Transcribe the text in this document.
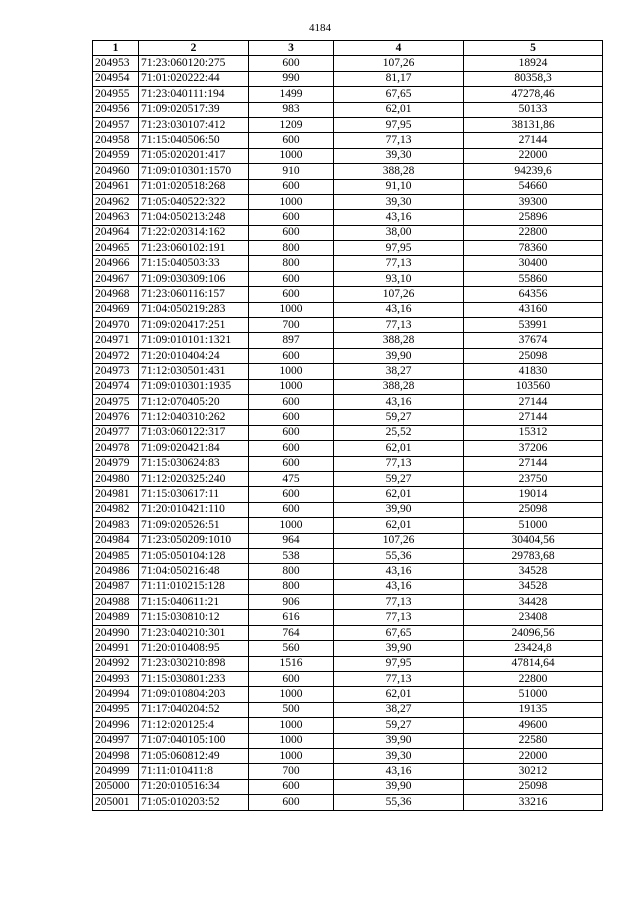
4184
1	2	3	4	5
204953	71:23:060120:275	600	107,26	18924
204954	71:01:020222:44	990	81,17	80358,3
204955	71:23:040111:194	1499	67,65	47278,46
204956	71:09:020517:39	983	62,01	50133
204957	71:23:030107:412	1209	97,95	38131,86
204958	71:15:040506:50	600	77,13	27144
204959	71:05:020201:417	1000	39,30	22000
204960	71:09:010301:1570	910	388,28	94239,6
204961	71:01:020518:268	600	91,10	54660
204962	71:05:040522:322	1000	39,30	39300
204963	71:04:050213:248	600	43,16	25896
204964	71:22:020314:162	600	38,00	22800
204965	71:23:060102:191	800	97,95	78360
204966	71:15:040503:33	800	77,13	30400
204967	71:09:030309:106	600	93,10	55860
204968	71:23:060116:157	600	107,26	64356
204969	71:04:050219:283	1000	43,16	43160
204970	71:09:020417:251	700	77,13	53991
204971	71:09:010101:1321	897	388,28	37674
204972	71:20:010404:24	600	39,90	25098
204973	71:12:030501:431	1000	38,27	41830
204974	71:09:010301:1935	1000	388,28	103560
204975	71:12:070405:20	600	43,16	27144
204976	71:12:040310:262	600	59,27	27144
204977	71:03:060122:317	600	25,52	15312
204978	71:09:020421:84	600	62,01	37206
204979	71:15:030624:83	600	77,13	27144
204980	71:12:020325:240	475	59,27	23750
204981	71:15:030617:11	600	62,01	19014
204982	71:20:010421:110	600	39,90	25098
204983	71:09:020526:51	1000	62,01	51000
204984	71:23:050209:1010	964	107,26	30404,56
204985	71:05:050104:128	538	55,36	29783,68
204986	71:04:050216:48	800	43,16	34528
204987	71:11:010215:128	800	43,16	34528
204988	71:15:040611:21	906	77,13	34428
204989	71:15:030810:12	616	77,13	23408
204990	71:23:040210:301	764	67,65	24096,56
204991	71:20:010408:95	560	39,90	23424,8
204992	71:23:030210:898	1516	97,95	47814,64
204993	71:15:030801:233	600	77,13	22800
204994	71:09:010804:203	1000	62,01	51000
204995	71:17:040204:52	500	38,27	19135
204996	71:12:020125:4	1000	59,27	49600
204997	71:07:040105:100	1000	39,90	22580
204998	71:05:060812:49	1000	39,30	22000
204999	71:11:010411:8	700	43,16	30212
205000	71:20:010516:34	600	39,90	25098
205001	71:05:010203:52	600	55,36	33216
